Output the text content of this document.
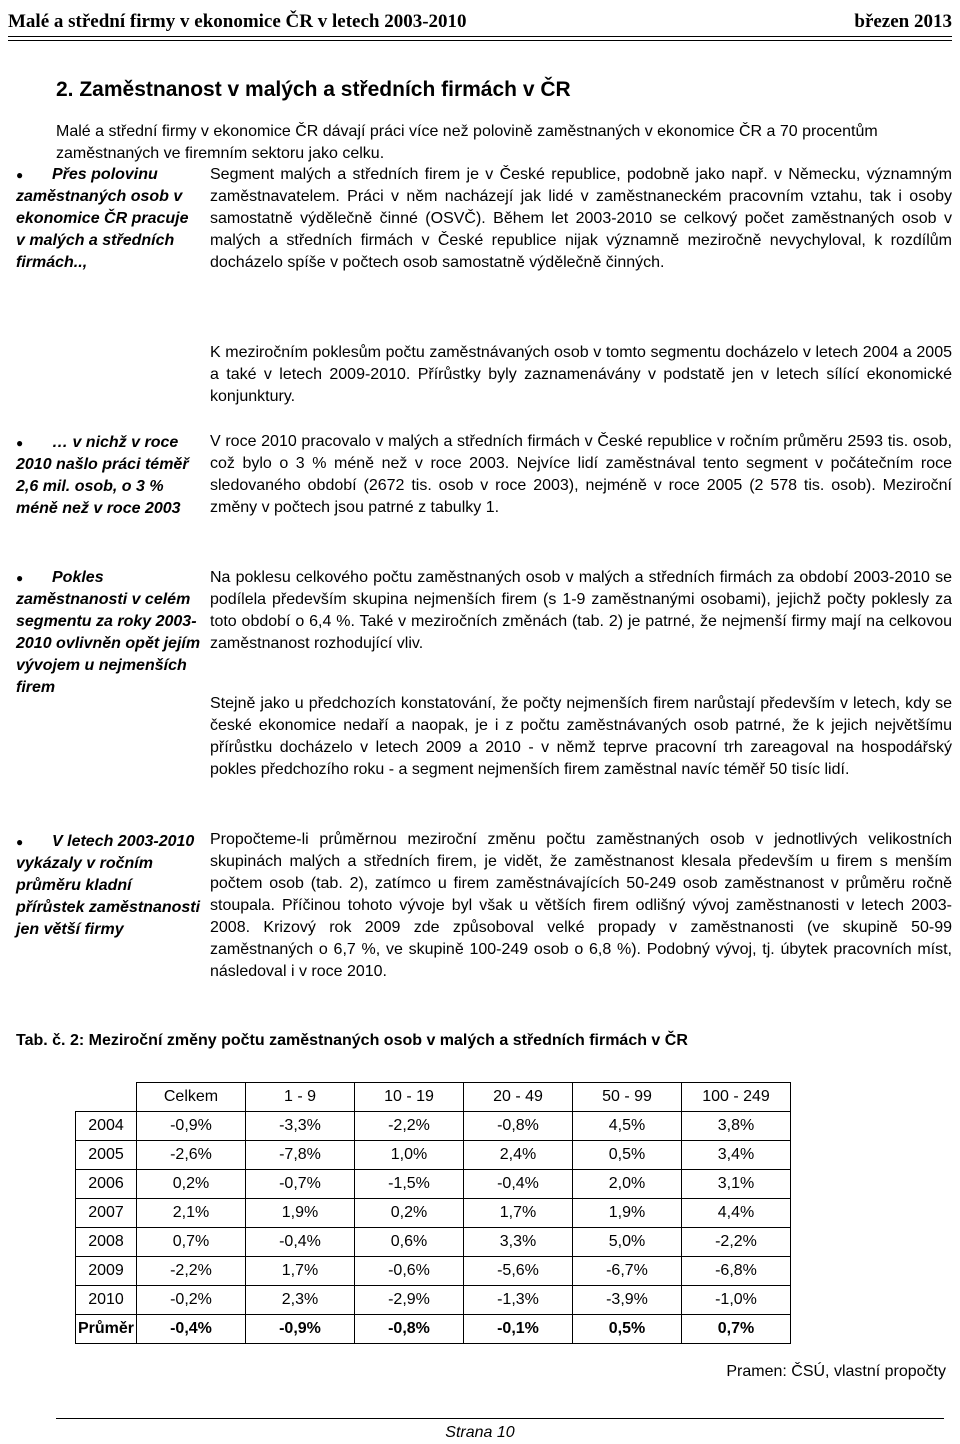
Malé a střední firmy v ekonomice ČR v letech 2003-2010	březen 2013
2. Zaměstnanost v malých a středních firmách v ČR

Malé a střední firmy v ekonomice ČR dávají práci více než polovině zaměstnaných v ekonomice ČR a 70 procentům zaměstnaných ve firemním sektoru jako celku.

●	Přes polovinu zaměstnaných osob v ekonomice ČR pracuje v malých a středních firmách..,
●	… v nichž v roce 2010 našlo práci téměř 2,6 mil. osob, o 3 % méně než v roce 2003
●	Pokles zaměstnanosti v celém segmentu za roky 2003-2010 ovlivněn opět jejím vývojem u nejmenších firem
●	V letech 2003-2010 vykázaly v ročním průměru kladní přírůstek zaměstnanosti jen větší firmy

Segment malých a středních firem je v České republice, podobně jako např. v Německu, významným zaměstnavatelem. Práci v něm nacházejí jak lidé v zaměstnaneckém pracovním vztahu, tak i osoby samostatně výdělečně činné (OSVČ). Během let 2003-2010 se celkový počet zaměstnaných osob v malých a středních firmách v České republice nijak významně meziročně nevychyloval, k rozdílům docházelo spíše v počtech osob samostatně výdělečně činných.

K meziročním poklesům počtu zaměstnávaných osob v tomto segmentu docházelo v letech 2004 a 2005 a také v letech 2009-2010. Přírůstky byly zaznamenávány v podstatě jen v letech sílící ekonomické konjunktury.

V roce 2010 pracovalo v malých a středních firmách v České republice v ročním průměru 2593 tis. osob, což bylo o 3 % méně než v roce 2003. Nejvíce lidí zaměstnával tento segment v počátečním roce sledovaného období (2672 tis. osob v roce 2003), nejméně v roce 2005 (2 578 tis. osob). Meziroční změny v počtech jsou patrné z tabulky 1.

Na poklesu celkového počtu zaměstnaných osob v malých a středních firmách za období 2003-2010 se podílela především skupina nejmenších firem (s 1-9 zaměstnanými osobami), jejichž počty poklesly za toto období o 6,4 %. Také v meziročních změnách (tab. 2) je patrné, že nejmenší firmy mají na celkovou zaměstnanost rozhodující vliv.

Stejně jako u předchozích konstatování, že počty nejmenších firem narůstají především v letech, kdy se české ekonomice nedaří a naopak, je i z počtu zaměstnávaných osob patrné, že k jejich největšímu přírůstku docházelo v letech 2009 a 2010 - v němž teprve pracovní trh zareagoval na hospodářský pokles předchozího roku - a segment nejmenších firem zaměstnal navíc téměř 50 tisíc lidí.

Propočteme-li průměrnou meziroční změnu počtu zaměstnaných osob v jednotlivých velikostních skupinách malých a středních firem, je vidět, že zaměstnanost klesala především u firem s menším počtem osob (tab. 2), zatímco u firem zaměstnávajících 50-249 osob zaměstnanost v průměru ročně stoupala. Příčinou tohoto vývoje byl však u větších firem odlišný vývoj zaměstnanosti v letech 2003-2008. Krizový rok 2009 zde způsoboval velké propady v zaměstnanosti (ve skupině 50-99 zaměstnaných o 6,7 %, ve skupině 100-249 osob o 6,8 %). Podobný vývoj, tj. úbytek pracovních míst, následoval i v roce 2010.

Tab. č. 2: Meziroční změny počtu zaměstnaných osob v malých a středních firmách v ČR

	Celkem	1 - 9	10 - 19	20 - 49	50 - 99	100 - 249
2004	-0,9%	-3,3%	-2,2%	-0,8%	4,5%	3,8%
2005	-2,6%	-7,8%	1,0%	2,4%	0,5%	3,4%
2006	0,2%	-0,7%	-1,5%	-0,4%	2,0%	3,1%
2007	2,1%	1,9%	0,2%	1,7%	1,9%	4,4%
2008	0,7%	-0,4%	0,6%	3,3%	5,0%	-2,2%
2009	-2,2%	1,7%	-0,6%	-5,6%	-6,7%	-6,8%
2010	-0,2%	2,3%	-2,9%	-1,3%	-3,9%	-1,0%
Průměr	-0,4%	-0,9%	-0,8%	-0,1%	0,5%	0,7%

Pramen: ČSÚ, vlastní propočty

Strana 10
